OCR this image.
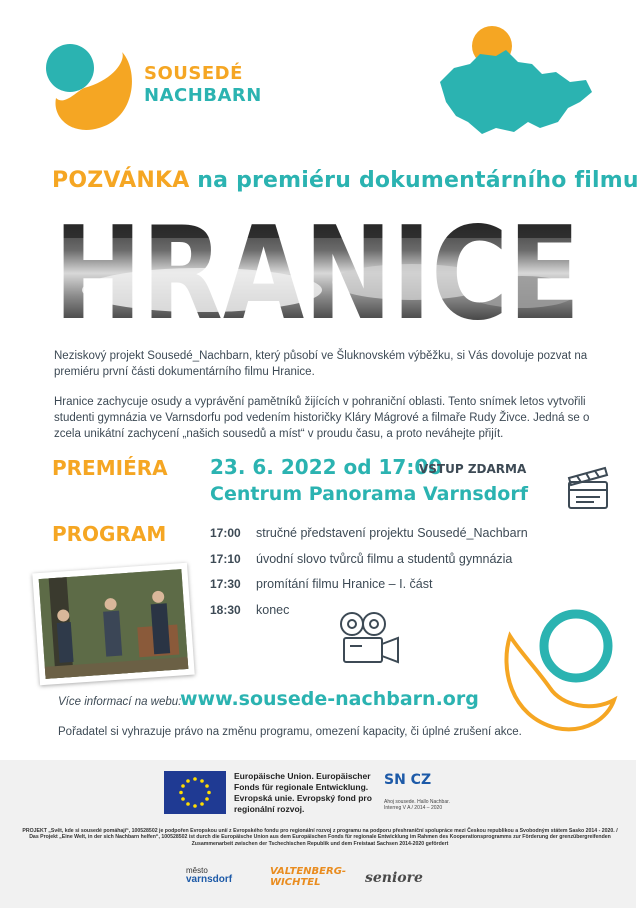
SOUSEDÉ
NACHBARN
POZVÁNKA na premiéru dokumentárního filmu

Neziskový projekt Sousedé_Nachbarn, který působí ve Šluknovském výběžku, si Vás dovoluje pozvat na premiéru první části dokumentárního filmu Hranice.

Hranice zachycuje osudy a vyprávění pamětníků žijících v pohraniční oblasti. Tento snímek letos vytvořili studenti gymnázia ve Varnsdorfu pod vedením historičky Kláry Mágrové a filmaře Rudy Živce. Jedná se o zcela unikátní zachycení „našich sousedů a míst“ v proudu času, a proto neváhejte přijít.

PREMIÉRA 23. 6. 2022 od 17:00
VSTUP ZDARMA
Centrum Panorama Varnsdorf
PROGRAM	17:00 stručné představení projektu Sousedé_Nachbarn
17:10 úvodní slovo tvůrců filmu a studentů gymnázia
17:30 promítání filmu Hranice – I. část
18:30 konec
Více informací na webu:
www.sousede-nachbarn.org
Pořadatel si vyhrazuje právo na změnu programu, omezení kapacity, či úplné zrušení akce.
Europäische Union. Europäischer Fonds für regionale Entwicklung. Evropská unie. Evropský fond pro regionální rozvoj.
SN CZ
Ahoj sousede. Hallo Nachbar. Interreg V A / 2014 – 2020
PROJEKT „Svět, kde si sousedé pomáhají“, 100528502 je podpořen Evropskou unií z Evropského fondu pro regionální rozvoj z programu na podporu přeshraniční spolupráce mezi Českou republikou a Svobodným státem Sasko 2014 - 2020. / Das Projekt „Eine Welt, in der sich Nachbarn helfen“, 100528502 ist durch die Europäische Union aus dem Europäischen Fonds für regionale Entwicklung im Rahmen des Kooperationsprogramms zur Förderung der grenzübergreifenden Zusammenarbeit zwischen der Tschechischen Republik und dem Freistaat Sachsen 2014-2020 gefördert
město
varnsdorf
VALTENBERG-
WICHTEL	seniore
